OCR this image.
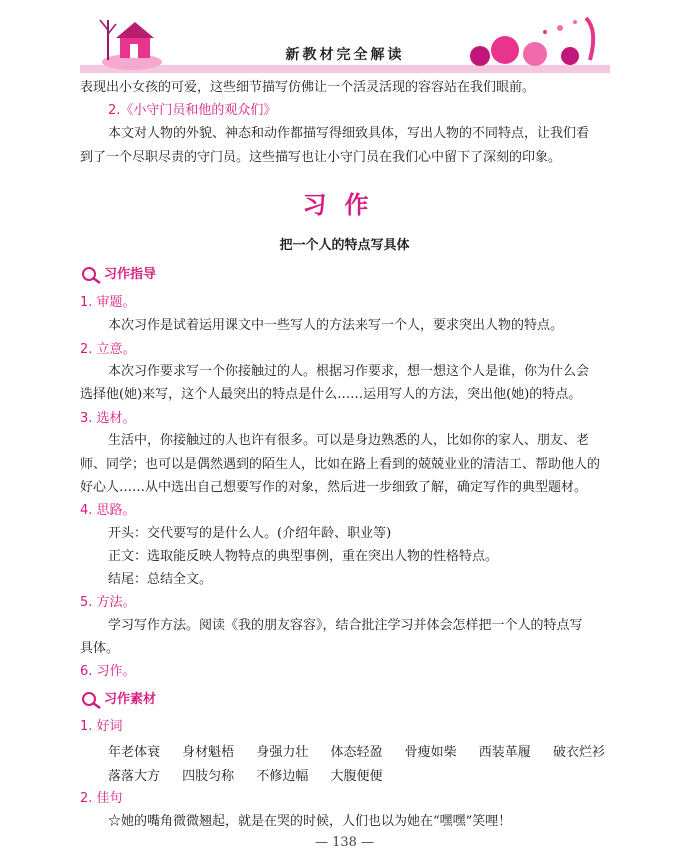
新教材完全解读
表现出小女孩的可爱，这些细节描写仿佛让一个活灵活现的容容站在我们眼前。
2.《小守门员和他的观众们》
本文对人物的外貌、神态和动作都描写得细致具体，写出人物的不同特点，让我们看
到了一个尽职尽责的守门员。这些描写也让小守门员在我们心中留下了深刻的印象。
习作
把一个人的特点写具体
习作指导
1. 审题。
本次习作是试着运用课文中一些写人的方法来写一个人，要求突出人物的特点。
2. 立意。
本次习作要求写一个你接触过的人。根据习作要求，想一想这个人是谁，你为什么会
选择他(她)来写，这个人最突出的特点是什么……运用写人的方法，突出他(她)的特点。
3. 选材。
生活中，你接触过的人也许有很多。可以是身边熟悉的人，比如你的家人、朋友、老
师、同学；也可以是偶然遇到的陌生人，比如在路上看到的兢兢业业的清洁工、帮助他人的
好心人……从中选出自己想要写作的对象，然后进一步细致了解，确定写作的典型题材。
4. 思路。
开头：交代要写的是什么人。(介绍年龄、职业等)
正文：选取能反映人物特点的典型事例，重在突出人物的性格特点。
结尾：总结全文。
5. 方法。
学习写作方法。阅读《我的朋友容容》，结合批注学习并体会怎样把一个人的特点写
具体。
6. 习作。
习作素材
1. 好词
年老体衰 身材魁梧 身强力壮 体态轻盈 骨瘦如柴 西装革履 破衣烂衫
落落大方 四肢匀称 不修边幅 大腹便便
2. 佳句
☆她的嘴角微微翘起，就是在哭的时候，人们也以为她在“嘿嘿”笑哩！
— 138 —
